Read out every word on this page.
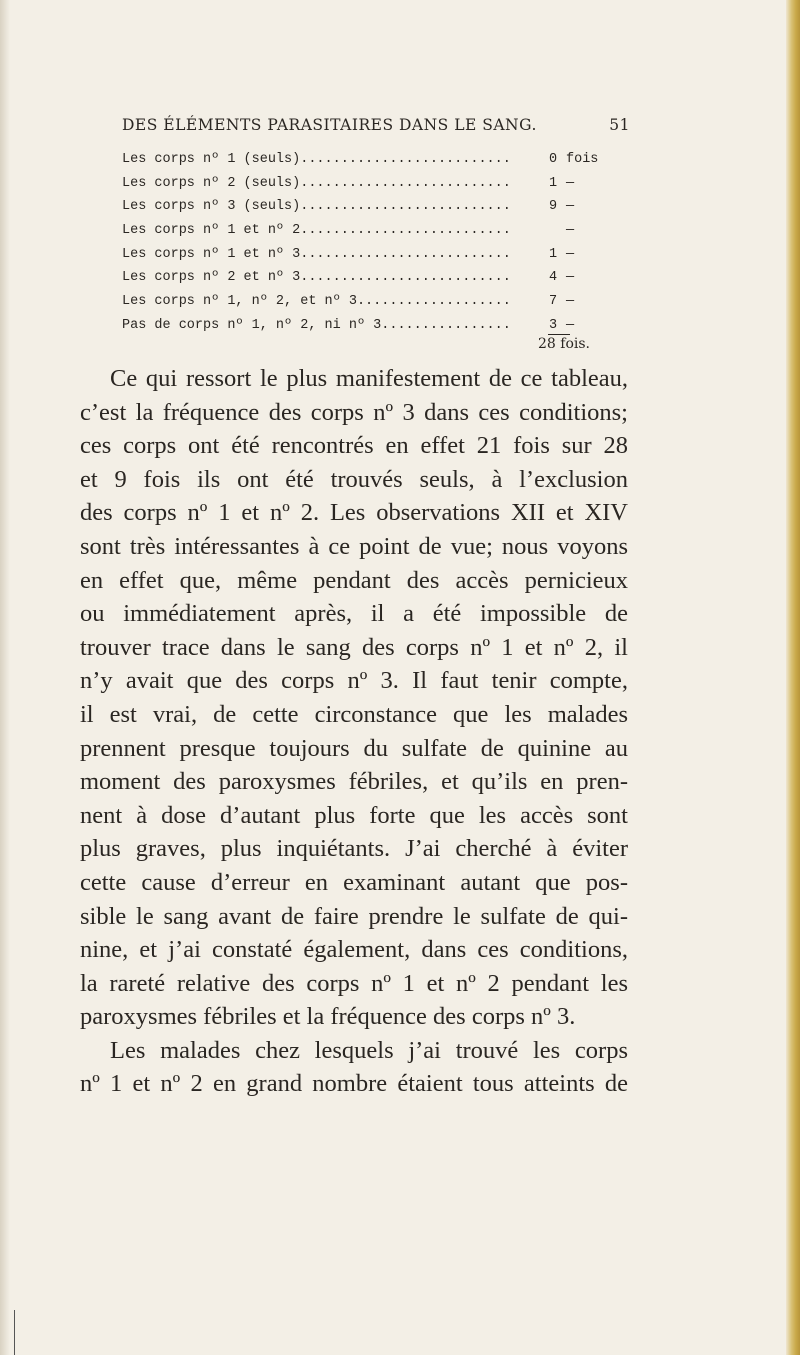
DES ÉLÉMENTS PARASITAIRES DANS LE SANG.	51
Les corps nº 1 (seuls)..........................	0 fois
Les corps nº 2 (seuls)..........................	1 —
Les corps nº 3 (seuls)..........................	9 —
Les corps nº 1 et nº 2..........................	—
Les corps nº 1 et nº 3..........................	1 —
Les corps nº 2 et nº 3..........................	4 —
Les corps nº 1, nº 2, et nº 3...................	7 —
Pas de corps nº 1, nº 2, ni nº 3................	3 —
28 fois.
Ce qui ressort le plus manifestement de ce tableau,
c’est la fréquence des corps nº 3 dans ces conditions;
ces corps ont été rencontrés en effet 21 fois sur 28
et 9 fois ils ont été trouvés seuls, à l’exclusion
des corps nº 1 et nº 2. Les observations XII et XIV
sont très intéressantes à ce point de vue; nous voyons
en effet que, même pendant des accès pernicieux
ou immédiatement après, il a été impossible de
trouver trace dans le sang des corps nº 1 et nº 2, il
n’y avait que des corps nº 3. Il faut tenir compte,
il est vrai, de cette circonstance que les malades
prennent presque toujours du sulfate de quinine au
moment des paroxysmes fébriles, et qu’ils en pren-
nent à dose d’autant plus forte que les accès sont
plus graves, plus inquiétants. J’ai cherché à éviter
cette cause d’erreur en examinant autant que pos-
sible le sang avant de faire prendre le sulfate de qui-
nine, et j’ai constaté également, dans ces conditions,
la rareté relative des corps nº 1 et nº 2 pendant les
paroxysmes fébriles et la fréquence des corps nº 3.
Les malades chez lesquels j’ai trouvé les corps
nº 1 et nº 2 en grand nombre étaient tous atteints de
